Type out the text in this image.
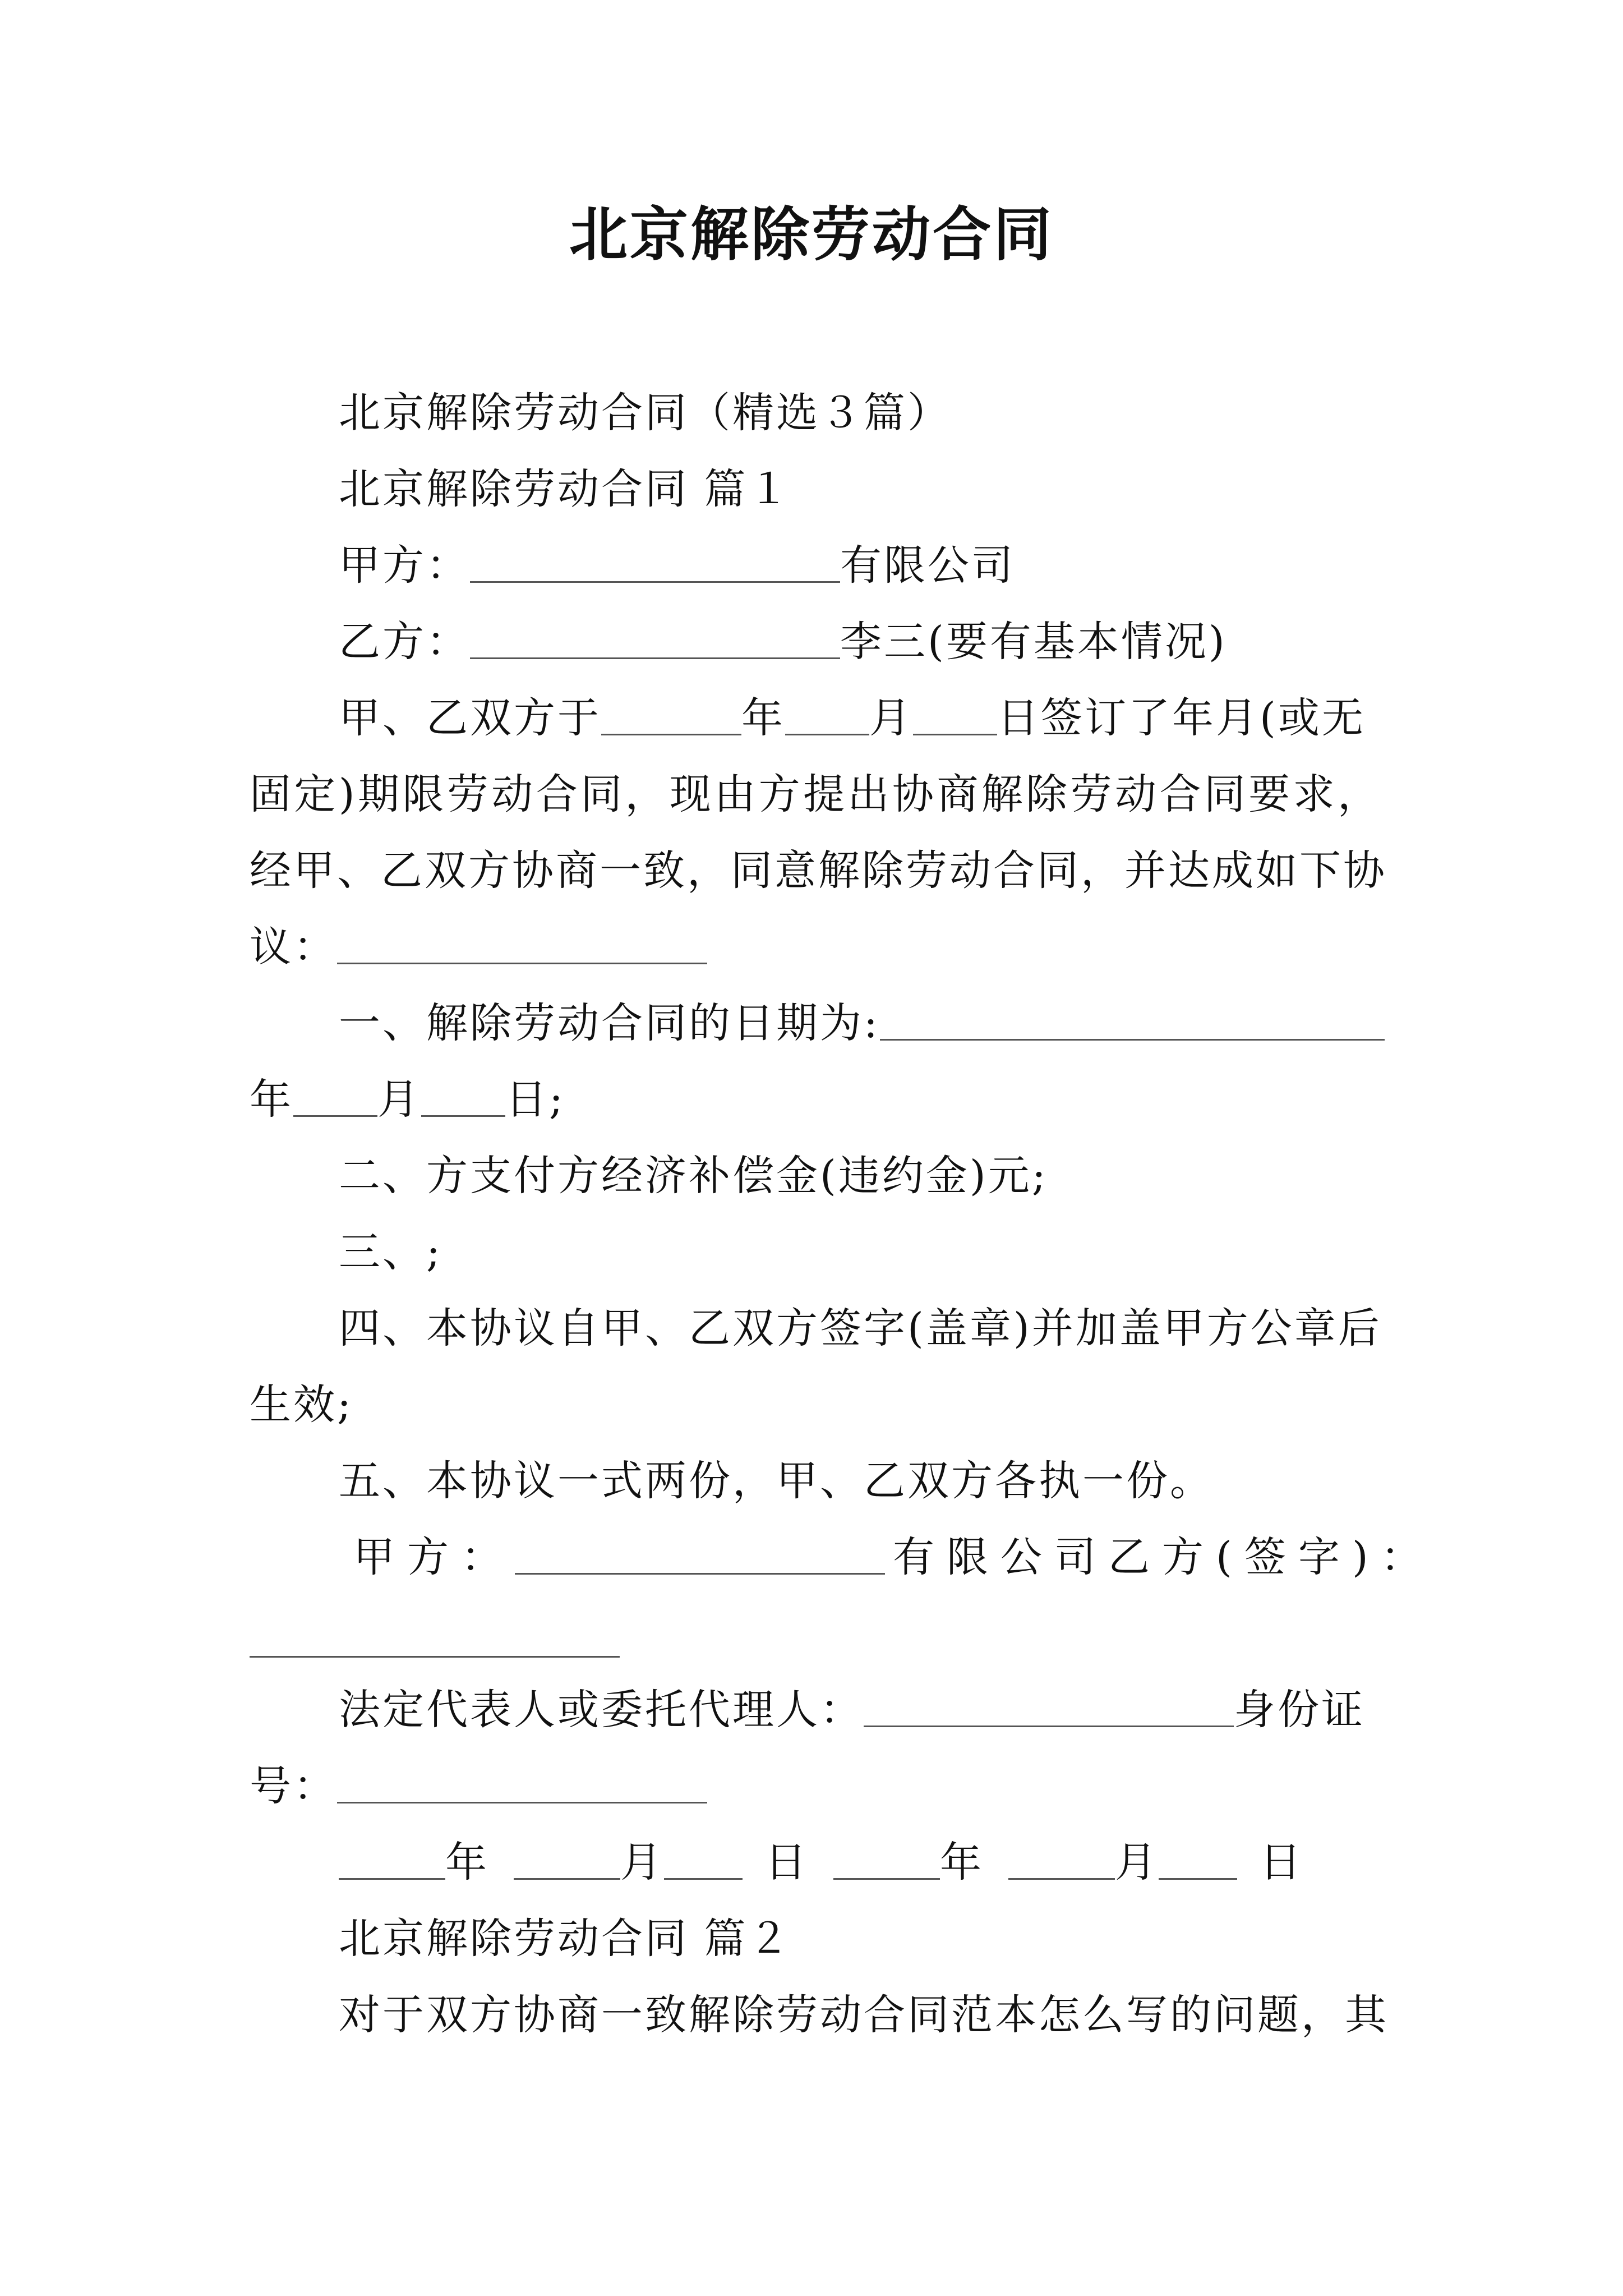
北京解除劳动合同
北京解除劳动合同（精选３篇）
北京解除劳动合同 篇１
甲方：	有限公司
乙方：	李三(要有基本情况)
甲、乙双方于	年 月 日签订了年月(或无
固定)期限劳动合同，现由方提出协商解除劳动合同要求，
经甲、乙双方协商一致，同意解除劳动合同，并达成如下协
议：
一、解除劳动合同的日期为:
年 月 日;
二、方支付方经济补偿金(违约金)元;
三、;
四、本协议自甲、乙双方签字(盖章)并加盖甲方公章后
生效;
五、本协议一式两份，甲、乙双方各执一份。
甲方：	有限公司乙方(签字)：
法定代表人或委托代理人：	身份证
号：
年	月 日	年	月 日
北京解除劳动合同 篇２
对于双方协商一致解除劳动合同范本怎么写的问题，其
